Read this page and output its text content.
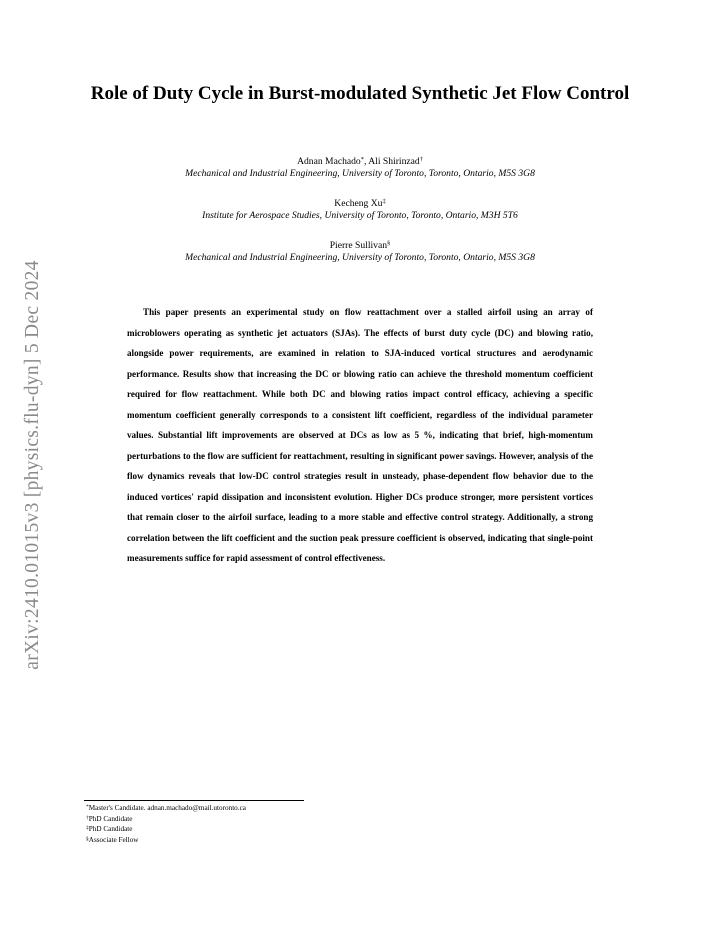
arXiv:2410.01015v3 [physics.flu-dyn] 5 Dec 2024
Role of Duty Cycle in Burst-modulated Synthetic Jet Flow Control
Adnan Machado*, Ali Shirinzad†
Mechanical and Industrial Engineering, University of Toronto, Toronto, Ontario, M5S 3G8
Kecheng Xu‡
Institute for Aerospace Studies, University of Toronto, Toronto, Ontario, M3H 5T6
Pierre Sullivan§
Mechanical and Industrial Engineering, University of Toronto, Toronto, Ontario, M5S 3G8
This paper presents an experimental study on flow reattachment over a stalled airfoil using an array of microblowers operating as synthetic jet actuators (SJAs). The effects of burst duty cycle (DC) and blowing ratio, alongside power requirements, are examined in relation to SJA-induced vortical structures and aerodynamic performance. Results show that increasing the DC or blowing ratio can achieve the threshold momentum coefficient required for flow reattachment. While both DC and blowing ratios impact control efficacy, achieving a specific momentum coefficient generally corresponds to a consistent lift coefficient, regardless of the individual parameter values. Substantial lift improvements are observed at DCs as low as 5 %, indicating that brief, high-momentum perturbations to the flow are sufficient for reattachment, resulting in significant power savings. However, analysis of the flow dynamics reveals that low-DC control strategies result in unsteady, phase-dependent flow behavior due to the induced vortices' rapid dissipation and inconsistent evolution. Higher DCs produce stronger, more persistent vortices that remain closer to the airfoil surface, leading to a more stable and effective control strategy. Additionally, a strong correlation between the lift coefficient and the suction peak pressure coefficient is observed, indicating that single-point measurements suffice for rapid assessment of control effectiveness.
*Master's Candidate. adnan.machado@mail.utoronto.ca
†PhD Candidate
‡PhD Candidate
§Associate Fellow
